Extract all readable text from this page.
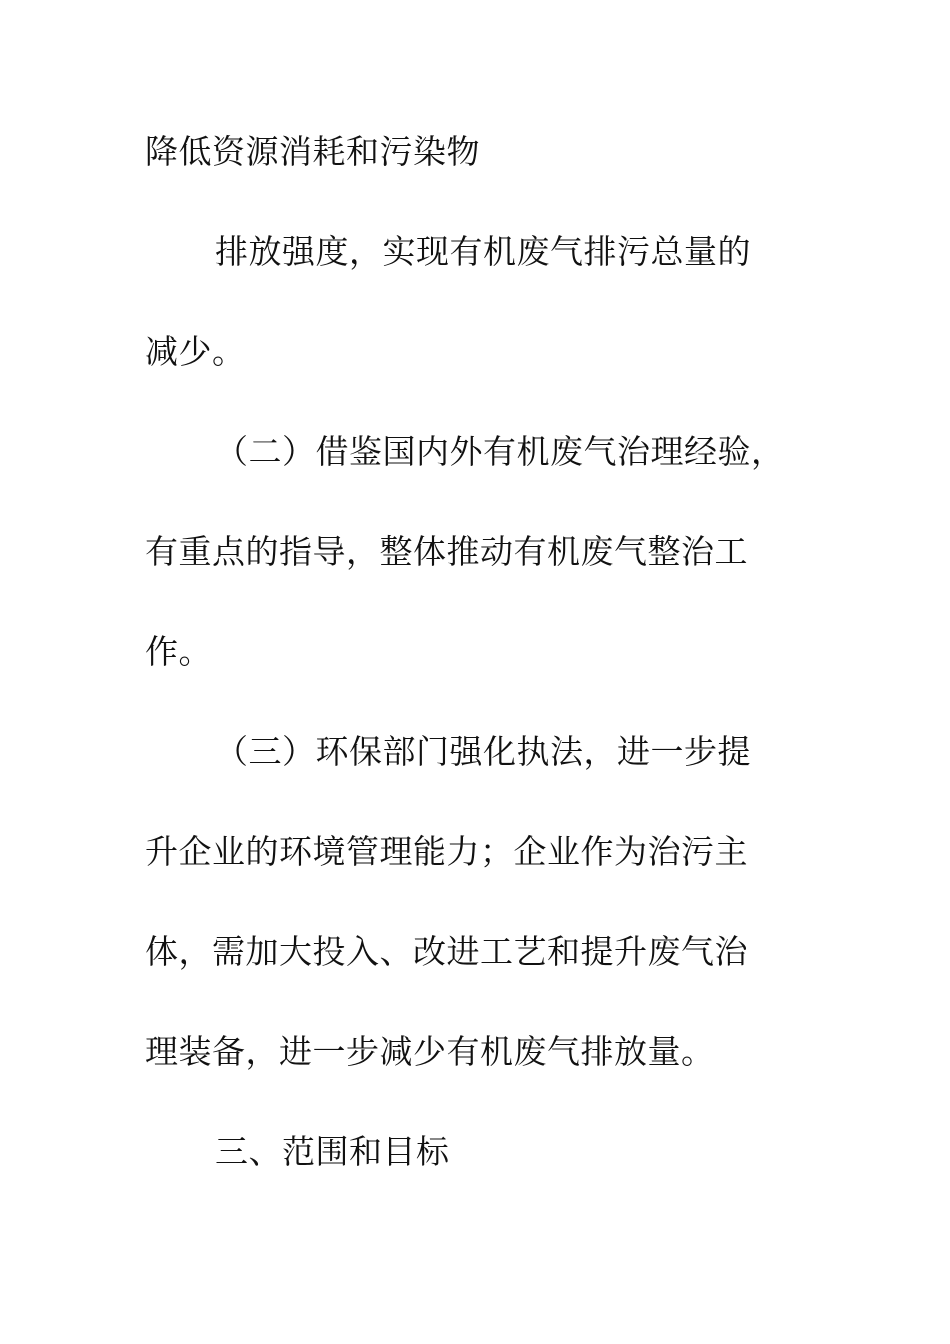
降低资源消耗和污染物
排放强度，实现有机废气排污总量的
减少。
（二）借鉴国内外有机废气治理经验，
有重点的指导，整体推动有机废气整治工
作。
（三）环保部门强化执法，进一步提
升企业的环境管理能力；企业作为治污主
体，需加大投入、改进工艺和提升废气治
理装备，进一步减少有机废气排放量。
三、范围和目标
